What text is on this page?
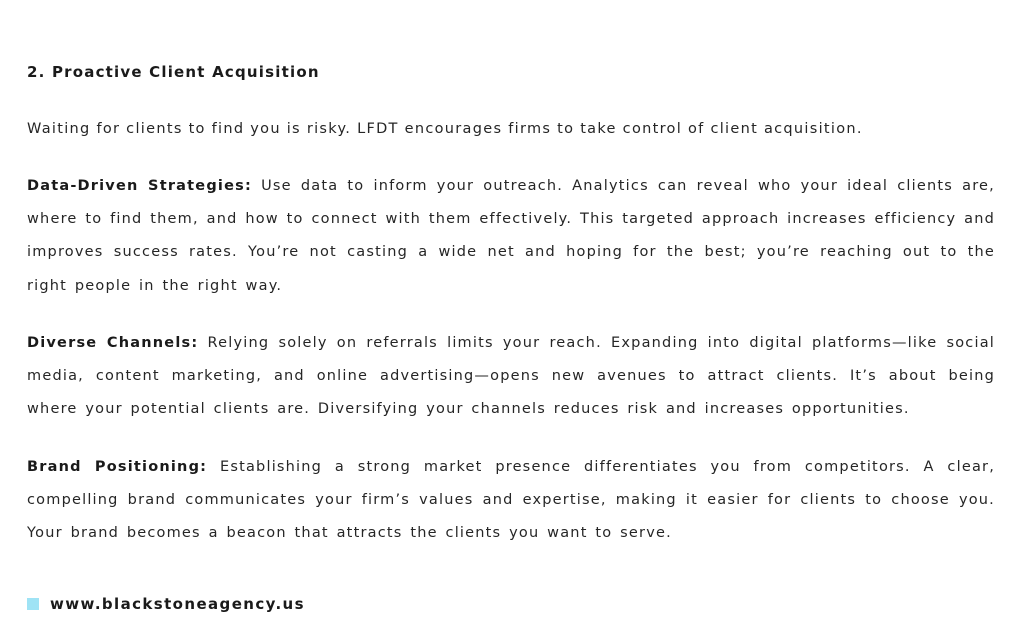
2. Proactive Client Acquisition

Waiting for clients to find you is risky. LFDT encourages firms to take control of client acquisition.

Data-Driven Strategies: Use data to inform your outreach. Analytics can reveal who your ideal clients are, where to find them, and how to connect with them effectively. This targeted approach increases efficiency and improves success rates. You’re not casting a wide net and hoping for the best; you’re reaching out to the right people in the right way.

Diverse Channels: Relying solely on referrals limits your reach. Expanding into digital platforms—like social media, content marketing, and online advertising—opens new avenues to attract clients. It’s about being where your potential clients are. Diversifying your channels reduces risk and increases opportunities.

Brand Positioning: Establishing a strong market presence differentiates you from competitors. A clear, compelling brand communicates your firm’s values and expertise, making it easier for clients to choose you. Your brand becomes a beacon that attracts the clients you want to serve.

www.blackstoneagency.us
